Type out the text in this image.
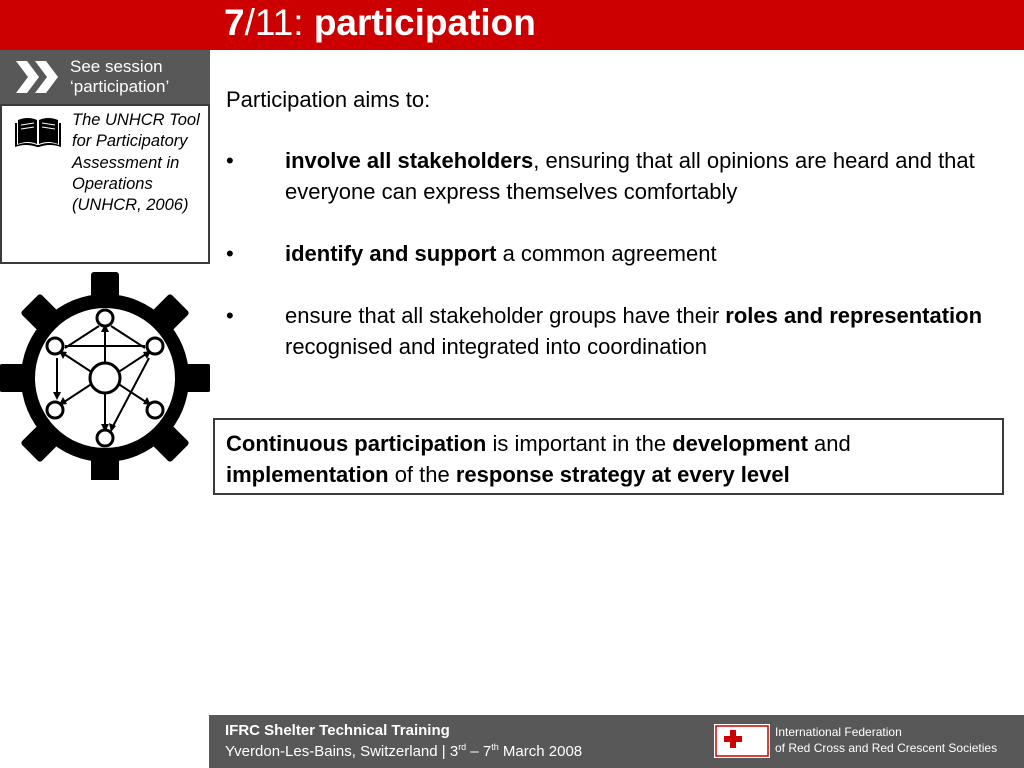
7/11: participation
See session
‘participation’
The UNHCR Tool for Participatory Assessment in Operations (UNHCR, 2006)

Participation aims to:

• involve all stakeholders, ensuring that all opinions are heard and that everyone can express themselves comfortably
• identify and support a common agreement
• ensure that all stakeholder groups have their roles and representation recognised and integrated into coordination
Continuous participation is important in the development and implementation of the response strategy at every level
IFRC Shelter Technical Training
Yverdon-Les-Bains, Switzerland | 3rd – 7th March 2008
International Federation
of Red Cross and Red Crescent Societies
